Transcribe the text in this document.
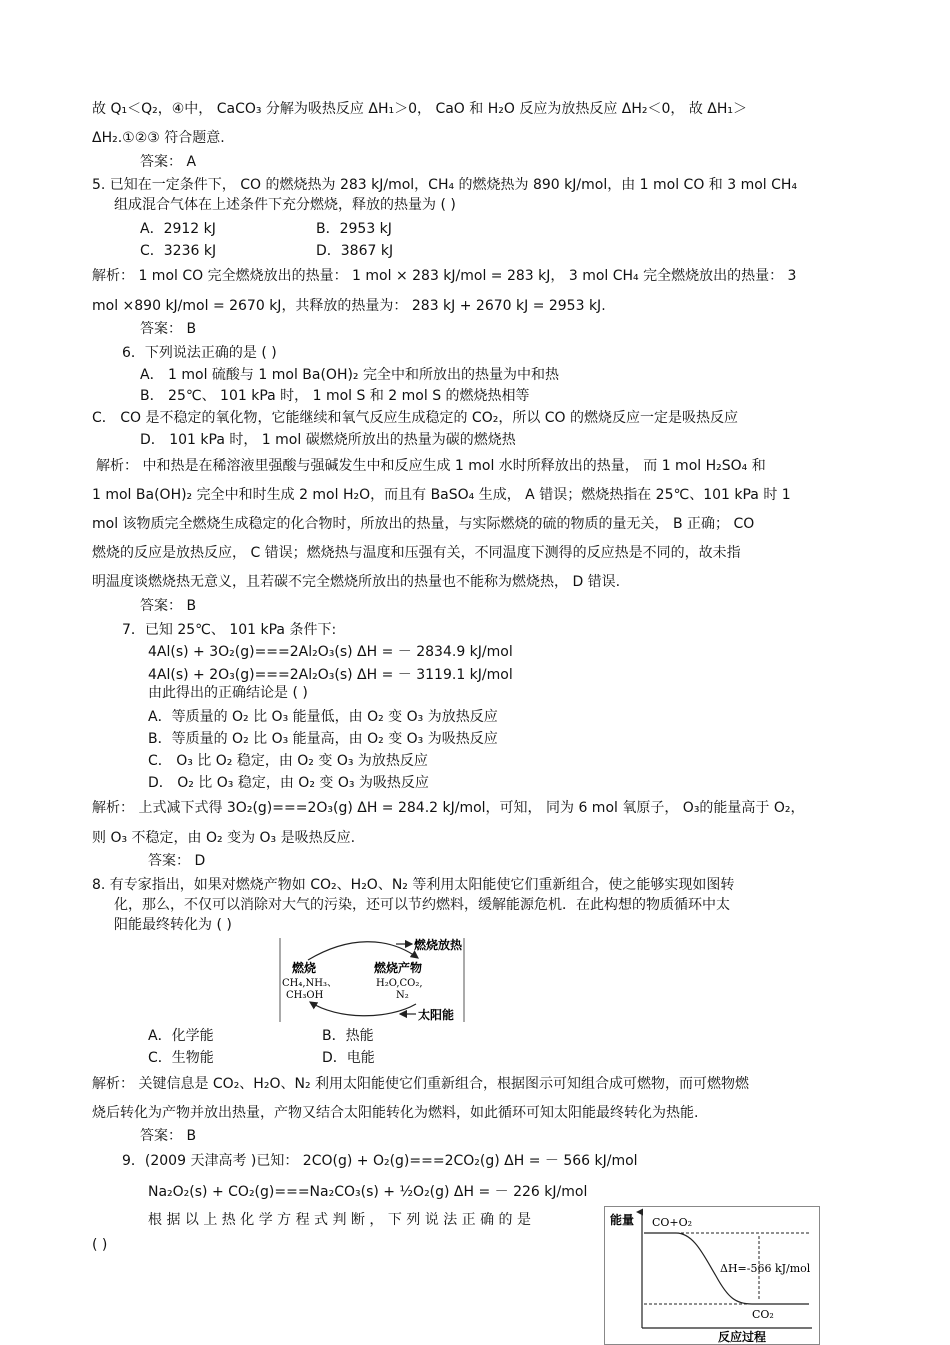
故 Q₁＜Q₂，④中， CaCO₃ 分解为吸热反应 ΔH₁＞0， CaO 和 H₂O 反应为放热反应 ΔH₂＜0， 故 ΔH₁＞
ΔH₂.①②③ 符合题意.
答案： A
5. 已知在一定条件下， CO 的燃烧热为 283 kJ/mol，CH₄ 的燃烧热为 890 kJ/mol，由 1 mol CO 和 3 mol CH₄
组成混合气体在上述条件下充分燃烧，释放的热量为 ( )
A．2912 kJ	B．2953 kJ
C．3236 kJ	D．3867 kJ
解析： 1 mol CO 完全燃烧放出的热量： 1 mol × 283 kJ/mol = 283 kJ， 3 mol CH₄ 完全燃烧放出的热量： 3
mol ×890 kJ/mol = 2670 kJ，共释放的热量为： 283 kJ + 2670 kJ = 2953 kJ.
答案： B
6．下列说法正确的是 ( )
A． 1 mol 硫酸与 1 mol Ba(OH)₂ 完全中和所放出的热量为中和热
B． 25℃、 101 kPa 时， 1 mol S 和 2 mol S 的燃烧热相等
C． CO 是不稳定的氧化物，它能继续和氧气反应生成稳定的 CO₂，所以 CO 的燃烧反应一定是吸热反应
D． 101 kPa 时， 1 mol 碳燃烧所放出的热量为碳的燃烧热
解析： 中和热是在稀溶液里强酸与强碱发生中和反应生成 1 mol 水时所释放出的热量， 而 1 mol H₂SO₄ 和
1 mol Ba(OH)₂ 完全中和时生成 2 mol H₂O，而且有 BaSO₄ 生成， A 错误；燃烧热指在 25℃、101 kPa 时 1
mol 该物质完全燃烧生成稳定的化合物时，所放出的热量，与实际燃烧的硫的物质的量无关， B 正确； CO
燃烧的反应是放热反应， C 错误；燃烧热与温度和压强有关，不同温度下测得的反应热是不同的，故未指
明温度谈燃烧热无意义，且若碳不完全燃烧所放出的热量也不能称为燃烧热， D 错误.
答案： B
7．已知 25℃、 101 kPa 条件下:
4Al(s) + 3O₂(g)===2Al₂O₃(s) ΔH = － 2834.9 kJ/mol
4Al(s) + 2O₃(g)===2Al₂O₃(s) ΔH = － 3119.1 kJ/mol
由此得出的正确结论是 ( )
A．等质量的 O₂ 比 O₃ 能量低，由 O₂ 变 O₃ 为放热反应
B．等质量的 O₂ 比 O₃ 能量高，由 O₂ 变 O₃ 为吸热反应
C． O₃ 比 O₂ 稳定，由 O₂ 变 O₃ 为放热反应
D． O₂ 比 O₃ 稳定，由 O₂ 变 O₃ 为吸热反应
解析： 上式减下式得 3O₂(g)===2O₃(g) ΔH = 284.2 kJ/mol，可知， 同为 6 mol 氧原子， O₃的能量高于 O₂，
则 O₃ 不稳定，由 O₂ 变为 O₃ 是吸热反应.
答案： D
8. 有专家指出，如果对燃烧产物如 CO₂、H₂O、N₂ 等利用太阳能使它们重新组合，使之能够实现如图转
化，那么，不仅可以消除对大气的污染，还可以节约燃料，缓解能源危机．在此构想的物质循环中太
阳能最终转化为 ( )
A．化学能	B．热能
C．生物能	D．电能
解析： 关键信息是 CO₂、H₂O、N₂ 利用太阳能使它们重新组合，根据图示可知组合成可燃物，而可燃物燃
烧后转化为产物并放出热量，产物又结合太阳能转化为燃料，如此循环可知太阳能最终转化为热能.
答案： B
9．(2009 天津高考 )已知： 2CO(g) + O₂(g)===2CO₂(g) ΔH = － 566 kJ/mol
Na₂O₂(s) + CO₂(g)===Na₂CO₃(s) + ½O₂(g) ΔH = － 226 kJ/mol
根 据 以 上 热 化 学 方 程 式 判 断 ， 下 列 说 法 正 确 的 是
( )
燃烧放热
燃烧
CH₄,NH₃、
CH₃OH
燃烧产物
H₂O,CO₂,
N₂
太阳能
能量 CO+O₂
ΔH=-566 kJ/mol
CO₂
反应过程
